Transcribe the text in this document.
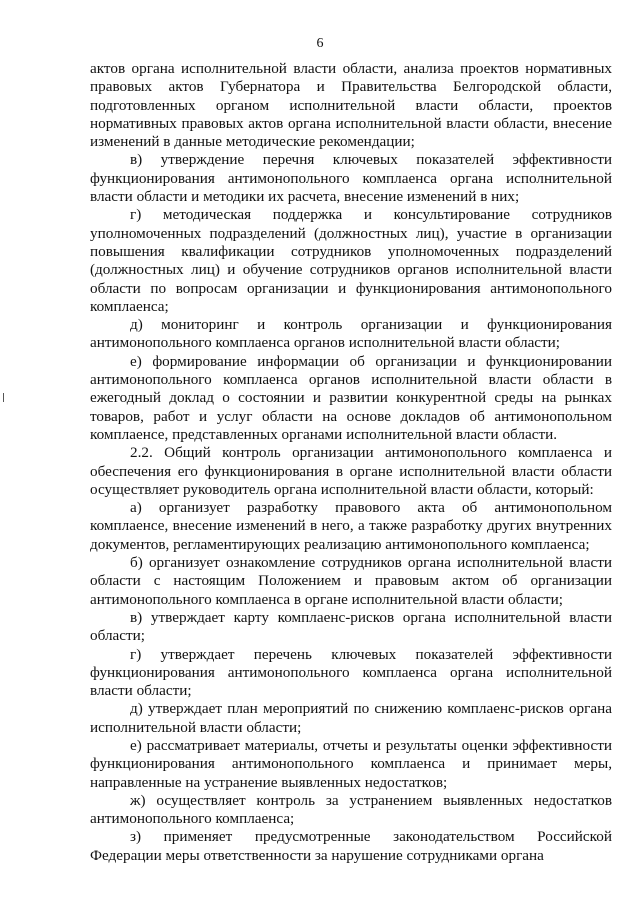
6

актов органа исполнительной власти области, анализа проектов нормативных правовых актов Губернатора и Правительства Белгородской области, подготовленных органом исполнительной власти области, проектов нормативных правовых актов органа исполнительной власти области, внесение изменений в данные методические рекомендации;

в) утверждение перечня ключевых показателей эффективности функционирования антимонопольного комплаенса органа исполнительной власти области и методики их расчета, внесение изменений в них;

г) методическая поддержка и консультирование сотрудников уполномоченных подразделений (должностных лиц), участие в организации повышения квалификации сотрудников уполномоченных подразделений (должностных лиц) и обучение сотрудников органов исполнительной власти области по вопросам организации и функционирования антимонопольного комплаенса;

д) мониторинг и контроль организации и функционирования антимонопольного комплаенса органов исполнительной власти области;

е) формирование информации об организации и функционировании антимонопольного комплаенса органов исполнительной власти области в ежегодный доклад о состоянии и развитии конкурентной среды на рынках товаров, работ и услуг области на основе докладов об антимонопольном комплаенсе, представленных органами исполнительной власти области.

2.2. Общий контроль организации антимонопольного комплаенса и обеспечения его функционирования в органе исполнительной власти области осуществляет руководитель органа исполнительной власти области, который:

а) организует разработку правового акта об антимонопольном комплаенсе, внесение изменений в него, а также разработку других внутренних документов, регламентирующих реализацию антимонопольного комплаенса;

б) организует ознакомление сотрудников органа исполнительной власти области с настоящим Положением и правовым актом об организации антимонопольного комплаенса в органе исполнительной власти области;

в) утверждает карту комплаенс-рисков органа исполнительной власти области;

г) утверждает перечень ключевых показателей эффективности функционирования антимонопольного комплаенса органа исполнительной власти области;

д) утверждает план мероприятий по снижению комплаенс-рисков органа исполнительной власти области;

е) рассматривает материалы, отчеты и результаты оценки эффективности функционирования антимонопольного комплаенса и принимает меры, направленные на устранение выявленных недостатков;

ж) осуществляет контроль за устранением выявленных недостатков антимонопольного комплаенса;

з) применяет предусмотренные законодательством Российской Федерации меры ответственности за нарушение сотрудниками органа
